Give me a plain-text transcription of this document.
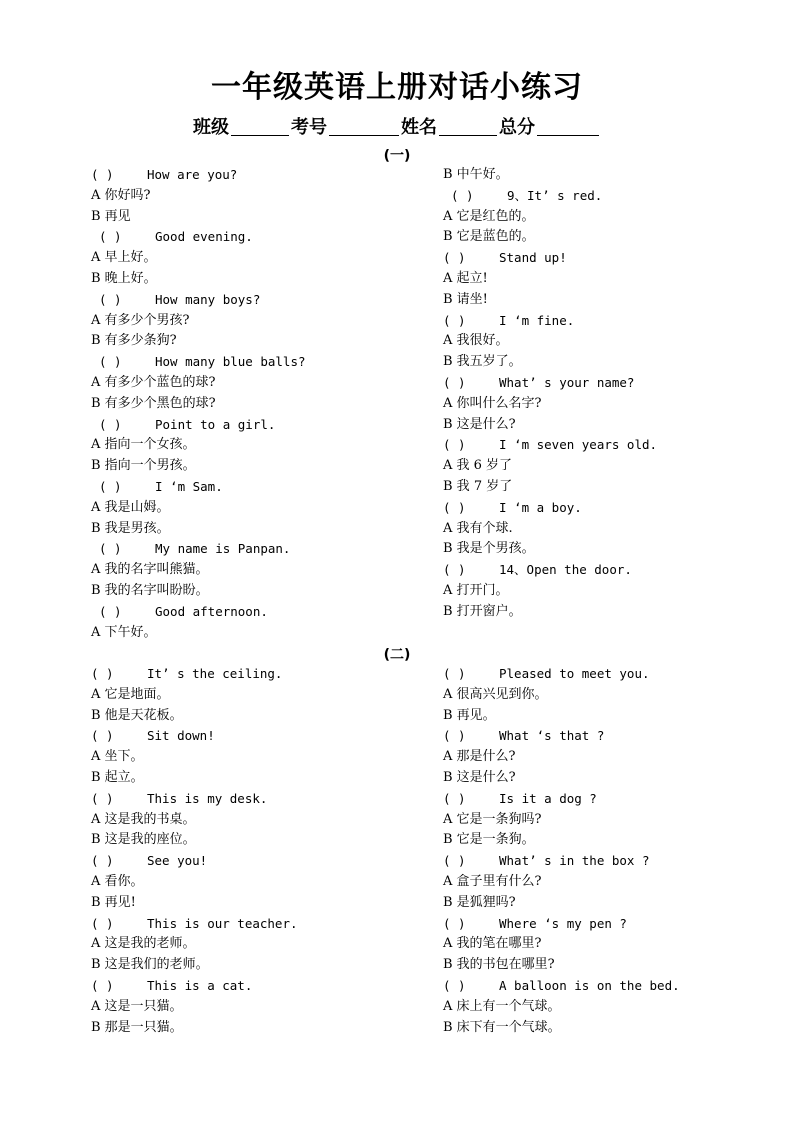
一年级英语上册对话小练习
班级	考号	姓名	总分
(一)
( )	How are you?
A 你好吗?
B 再见
( )	Good evening.
A 早上好。
B 晚上好。
( )	How many boys?
A 有多少个男孩?
B 有多少条狗?
( )	How many blue balls?
A 有多少个蓝色的球?
B 有多少个黑色的球?
( )	Point to a girl.
A 指向一个女孩。
B 指向一个男孩。
( )	I ‘m Sam.
A 我是山姆。
B 我是男孩。
( )	My name is Panpan.
A 我的名字叫熊猫。
B 我的名字叫盼盼。
( )	Good afternoon.
A 下午好。
B 中午好。
( )	9、It’ s red.
A 它是红色的。
B 它是蓝色的。
( )	Stand up!
A 起立!
B 请坐!
( )	I ‘m fine.
A 我很好。
B 我五岁了。
( )	What’ s your name?
A 你叫什么名字?
B 这是什么?
( )	I ‘m seven years old.
A 我 6 岁了
B 我 7 岁了
( )	I ‘m a boy.
A 我有个球.
B 我是个男孩。
( )	14、Open the door.
A 打开门。
B 打开窗户。
(二)
( )	It’ s the ceiling.
A 它是地面。
B 他是天花板。
( )	Sit down!
A 坐下。
B 起立。
( )	This is my desk.
A 这是我的书桌。
B 这是我的座位。
( )	See you!
A 看你。
B 再见!
( )	This is our teacher.
A 这是我的老师。
B 这是我们的老师。
( )	This is a cat.
A 这是一只猫。
B 那是一只猫。
( )	Pleased to meet you.
A 很高兴见到你。
B 再见。
( )	What ‘s that ?
A 那是什么?
B 这是什么?
( )	Is it a dog ?
A 它是一条狗吗?
B 它是一条狗。
( )	What’ s in the box ?
A 盒子里有什么?
B 是狐狸吗?
( )	Where ‘s my pen ?
A 我的笔在哪里?
B 我的书包在哪里?
( )	A balloon is on the bed.
A 床上有一个气球。
B 床下有一个气球。
